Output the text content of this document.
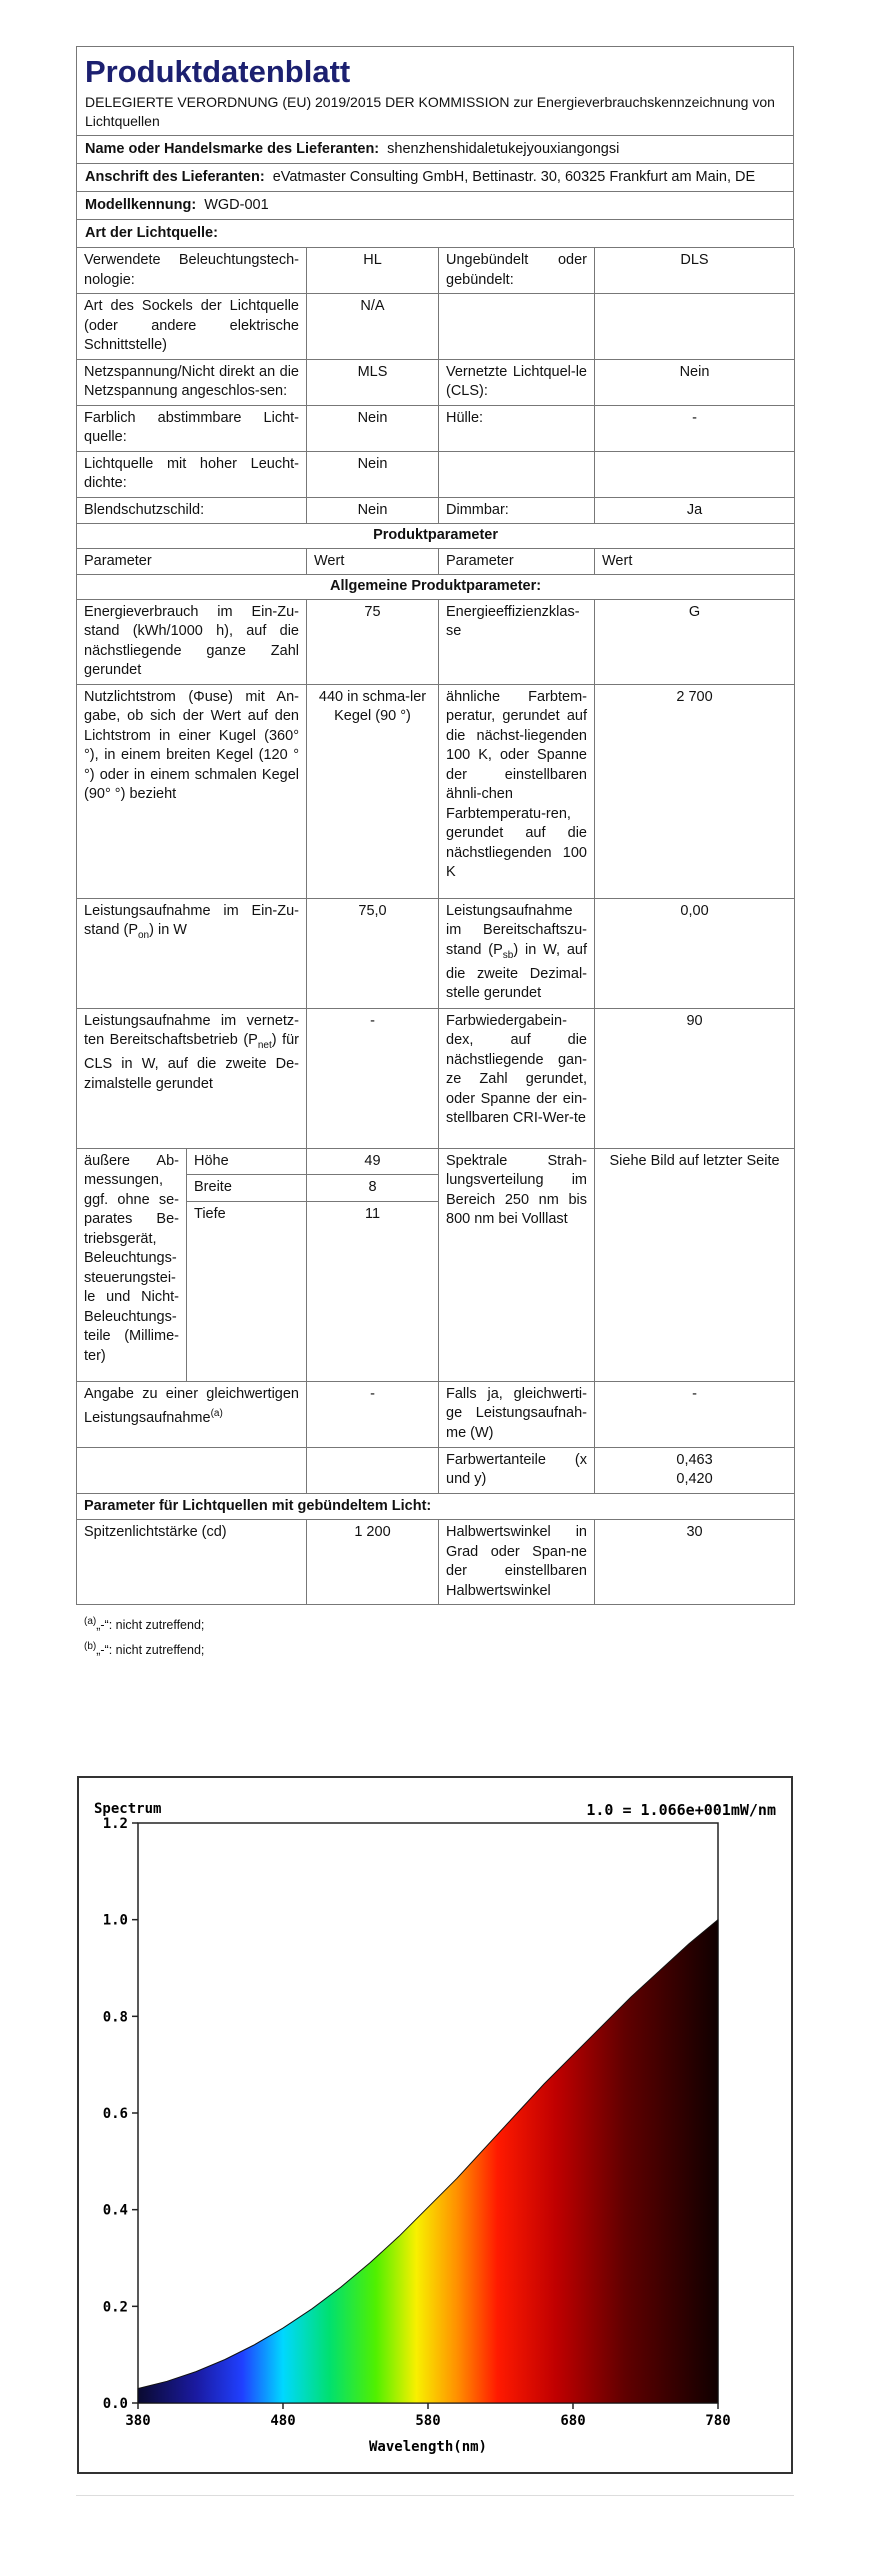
Produktdatenblatt
DELEGIERTE VERORDNUNG (EU) 2019/2015 DER KOMMISSION zur Energieverbrauchskennzeichnung von Lichtquellen
Name oder Handelsmarke des Lieferanten: shenzhenshidaletukejyouxiangongsi
Anschrift des Lieferanten: eVatmaster Consulting GmbH, Bettinastr. 30, 60325 Frankfurt am Main, DE
Modellkennung: WGD-001
Art der Lichtquelle:
Verwendete Beleuchtungstech-nologie:	HL	Ungebündelt oder gebündelt:	DLS
Art des Sockels der Lichtquelle (oder andere elektrische Schnittstelle)	N/A		
Netzspannung/Nicht direkt an die Netzspannung angeschlos-sen:	MLS	Vernetzte Lichtquel-le (CLS):	Nein
Farblich abstimmbare Licht-quelle:	Nein	Hülle:	-
Lichtquelle mit hoher Leucht-dichte:	Nein		
Blendschutzschild:	Nein	Dimmbar:	Ja
Produktparameter				
Parameter		Wert	Parameter	Wert
Allgemeine Produktparameter:				
Energieverbrauch im Ein-Zu-stand (kWh/1000 h), auf die nächstliegende ganze Zahl gerundet		75	Energieeffizienzklas-se	G
Nutzlichtstrom (Φuse) mit An-gabe, ob sich der Wert auf den Lichtstrom in einer Kugel (360° °), in einem breiten Kegel (120 °°) oder in einem schmalen Kegel (90° °) bezieht		440 in schma-ler Kegel (90 °)	ähnliche Farbtem-peratur, gerundet auf die nächst-liegenden 100 K, oder Spanne der einstellbaren ähnli-chen Farbtemperatu-ren, gerundet auf die nächstliegenden 100 K	2 700
Leistungsaufnahme im Ein-Zu-stand $(P_{on})$ in W		75,0	Leistungsaufnahme im Bereitschaftszu-stand $(P_{sb})$ in W, auf die zweite Dezimal-stelle gerundet	0,00
Leistungsaufnahme im vernetz-ten Bereitschaftsbetrieb $(P_{net})$ für CLS in W, auf die zweite De-zimalstelle gerundet		-	Farbwiedergabein-dex, auf die nächstliegende gan-ze Zahl gerundet, oder Spanne der ein-stellbaren CRI-Wer-te	90
äußere Ab-messungen, ggf. ohne se-parates Be-triebsgerät, Beleuchtungs-steuerungstei-le und Nicht-Beleuchtungs-teile (Millime-ter)	Höhe	49	Spektrale Strah-lungsverteilung im Bereich 250 nm bis 800 nm bei Volllast	Siehe Bild auf letzter Seite
	Breite	8		
	Tiefe	11		
Angabe zu einer gleichwertigen Leistungsaufnahme$^{(a)}$		-	Falls ja, gleichwerti-ge Leistungsaufnah-me (W)	-
			Farbwertanteile (x und y)	0,463
0,420

Parameter für Lichtquellen mit gebündeltem Licht:				
Spitzenlichtstärke (cd)		1 200	Halbwertswinkel in Grad oder Span-ne der einstellbaren Halbwertswinkel	30
$^{(a)}$„-“: nicht zutreffend;
$^{(b)}$„-“: nicht zutreffend;
0.0
0.2
0.4
0.6
0.8
1.0
1.2
380	480	580	680	780
Spectrum	1.0 = 1.066e+001mW/nm
Wavelength(nm)
